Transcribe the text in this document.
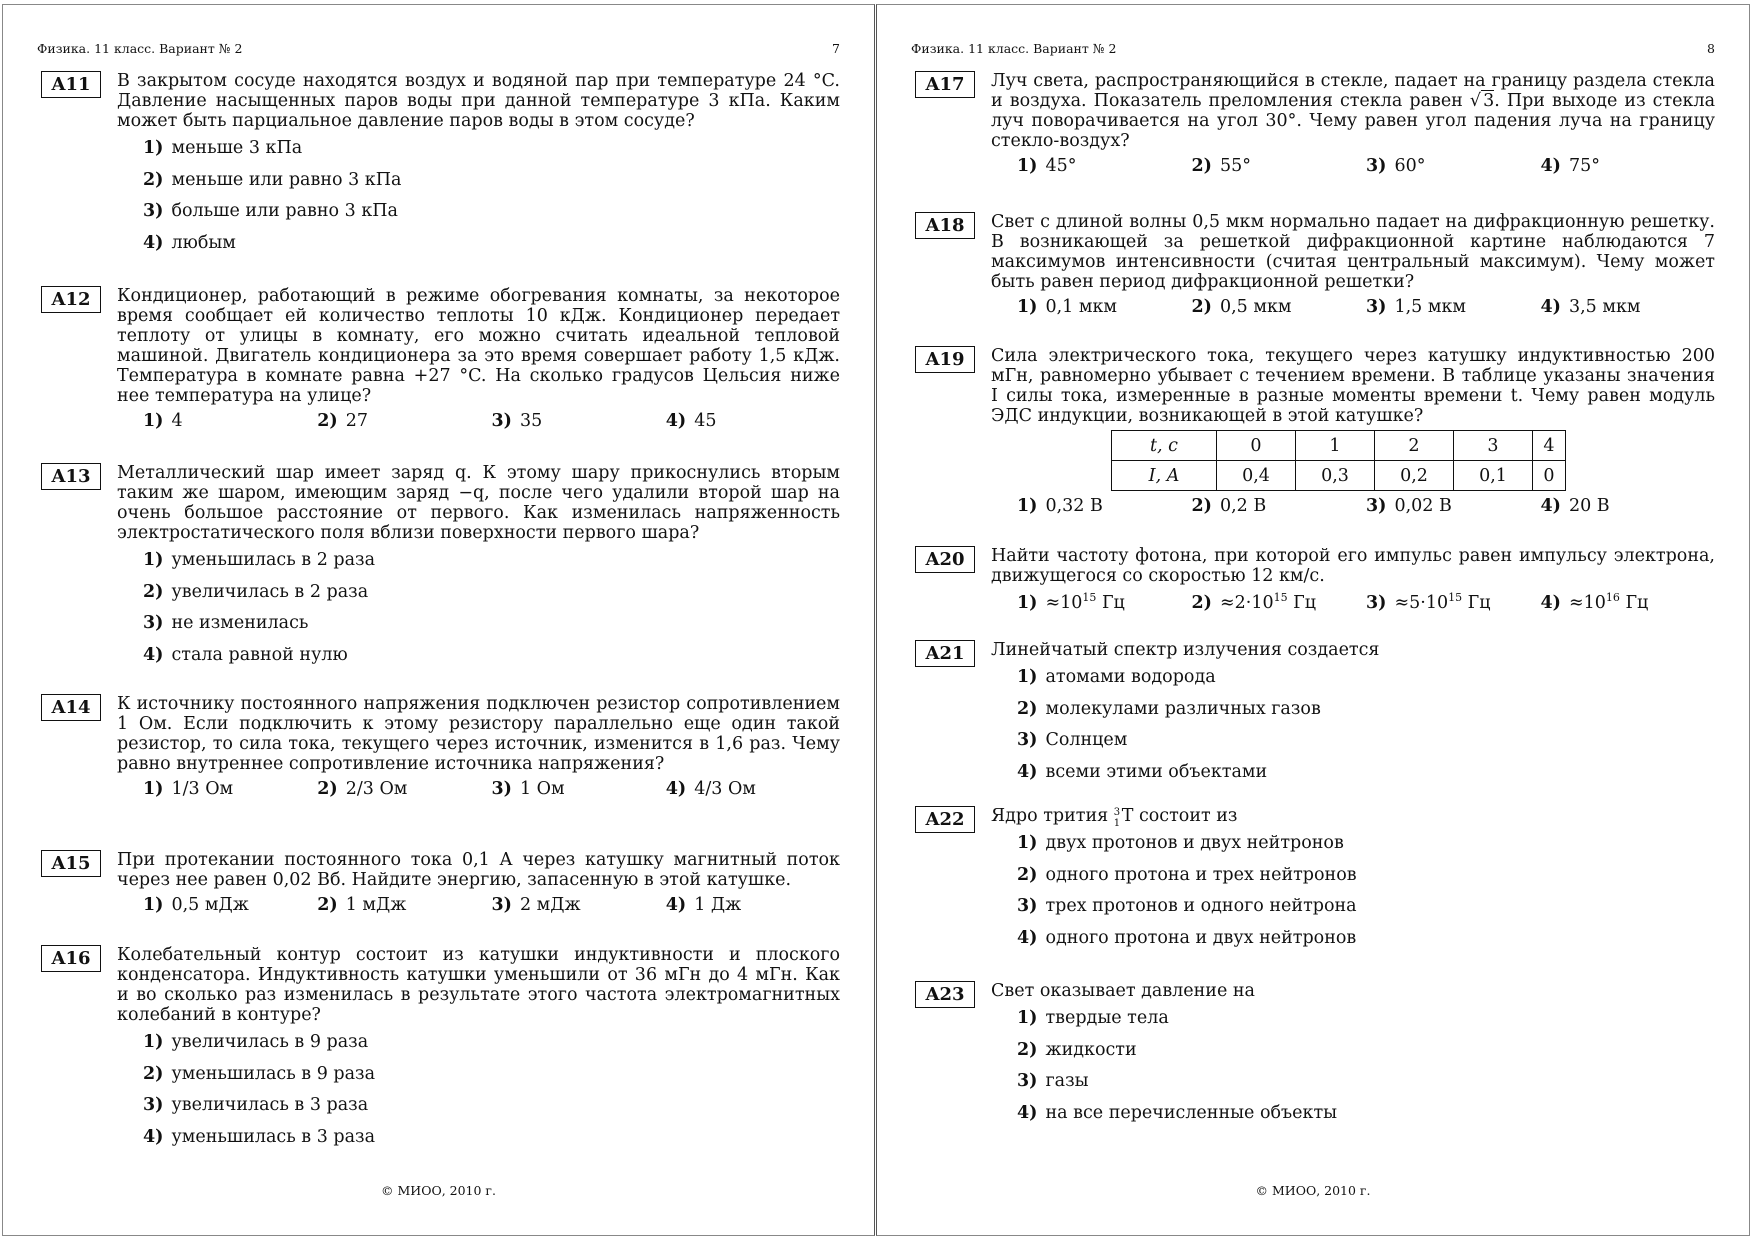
Физика. 11 класс. Вариант № 2	7
A11	В закрытом сосуде находятся воздух и водяной пар при температуре 24 °C. Давление насыщенных паров воды при данной температуре 3 кПа. Каким может быть парциальное давление паров воды в этом сосуде?
1) меньше 3 кПа
2) меньше или равно 3 кПа
3) больше или равно 3 кПа
4) любым
A12	Кондиционер, работающий в режиме обогревания комнаты, за некоторое время сообщает ей количество теплоты 10 кДж. Кондиционер передает теплоту от улицы в комнату, его можно считать идеальной тепловой машиной. Двигатель кондиционера за это время совершает работу 1,5 кДж. Температура в комнате равна +27 °C. На сколько градусов Цельсия ниже нее температура на улице?
1) 4	2) 27	3) 35	4) 45
A13	Металлический шар имеет заряд q. К этому шару прикоснулись вторым таким же шаром, имеющим заряд −q, после чего удалили второй шар на очень большое расстояние от первого. Как изменилась напряженность электростатического поля вблизи поверхности первого шара?
1) уменьшилась в 2 раза
2) увеличилась в 2 раза
3) не изменилась
4) стала равной нулю
A14	К источнику постоянного напряжения подключен резистор сопротивлением 1 Ом. Если подключить к этому резистору параллельно еще один такой резистор, то сила тока, текущего через источник, изменится в 1,6 раз. Чему равно внутреннее сопротивление источника напряжения?
1) 1/3 Ом	2) 2/3 Ом	3) 1 Ом	4) 4/3 Ом
A15	При протекании постоянного тока 0,1 А через катушку магнитный поток через нее равен 0,02 Вб. Найдите энергию, запасенную в этой катушке.
1) 0,5 мДж	2) 1 мДж	3) 2 мДж	4) 1 Дж
A16	Колебательный контур состоит из катушки индуктивности и плоского конденсатора. Индуктивность катушки уменьшили от 36 мГн до 4 мГн. Как и во сколько раз изменилась в результате этого частота электромагнитных колебаний в контуре?
1) увеличилась в 9 раза
2) уменьшилась в 9 раза
3) увеличилась в 3 раза
4) уменьшилась в 3 раза
© МИОО, 2010 г.
Физика. 11 класс. Вариант № 2	8
A17	Луч света, распространяющийся в стекле, падает на границу раздела стекла и воздуха. Показатель преломления стекла равен √ 3. При выходе из стекла луч поворачивается на угол 30°. Чему равен угол падения луча на границу стекло-воздух?
1) 45°	2) 55°	3) 60°	4) 75°
A18	Свет с длиной волны 0,5 мкм нормально падает на дифракционную решетку. В возникающей за решеткой дифракционной картине наблюдаются 7 максимумов интенсивности (считая центральный максимум). Чему может быть равен период дифракционной решетки?
1) 0,1 мкм	2) 0,5 мкм	3) 1,5 мкм	4) 3,5 мкм
A19	Сила электрического тока, текущего через катушку индуктивностью 200 мГн, равномерно убывает с течением времени. В таблице указаны значения I силы тока, измеренные в разные моменты времени t. Чему равен модуль ЭДС индукции, возникающей в этой катушке?
t, c	0	1	2	3	4
I, A	0,4	0,3	0,2	0,1	0
1) 0,32 В	2) 0,2 В	3) 0,02 В	4) 20 В
A20	Найти частоту фотона, при которой его импульс равен импульсу электрона, движущегося со скоростью 12 км/с.
$1) \approx 10^{15}$ Гц	$2) \approx 2\cdot 10^{15}$ Гц	$3) \approx 5\cdot 10^{15}$ Гц	$4) \approx 10^{16}$ Гц
A21	Линейчатый спектр излучения создается
1) атомами водорода
2) молекулами различных газов
3) Солнцем
4) всеми этими объектами
A22	Ядро трития 3
1 T состоит из
1) двух протонов и двух нейтронов
2) одного протона и трех нейтронов
3) трех протонов и одного нейтрона
4) одного протона и двух нейтронов
A23	Свет оказывает давление на
1) твердые тела
2) жидкости
3) газы
4) на все перечисленные объекты
© МИОО, 2010 г.
